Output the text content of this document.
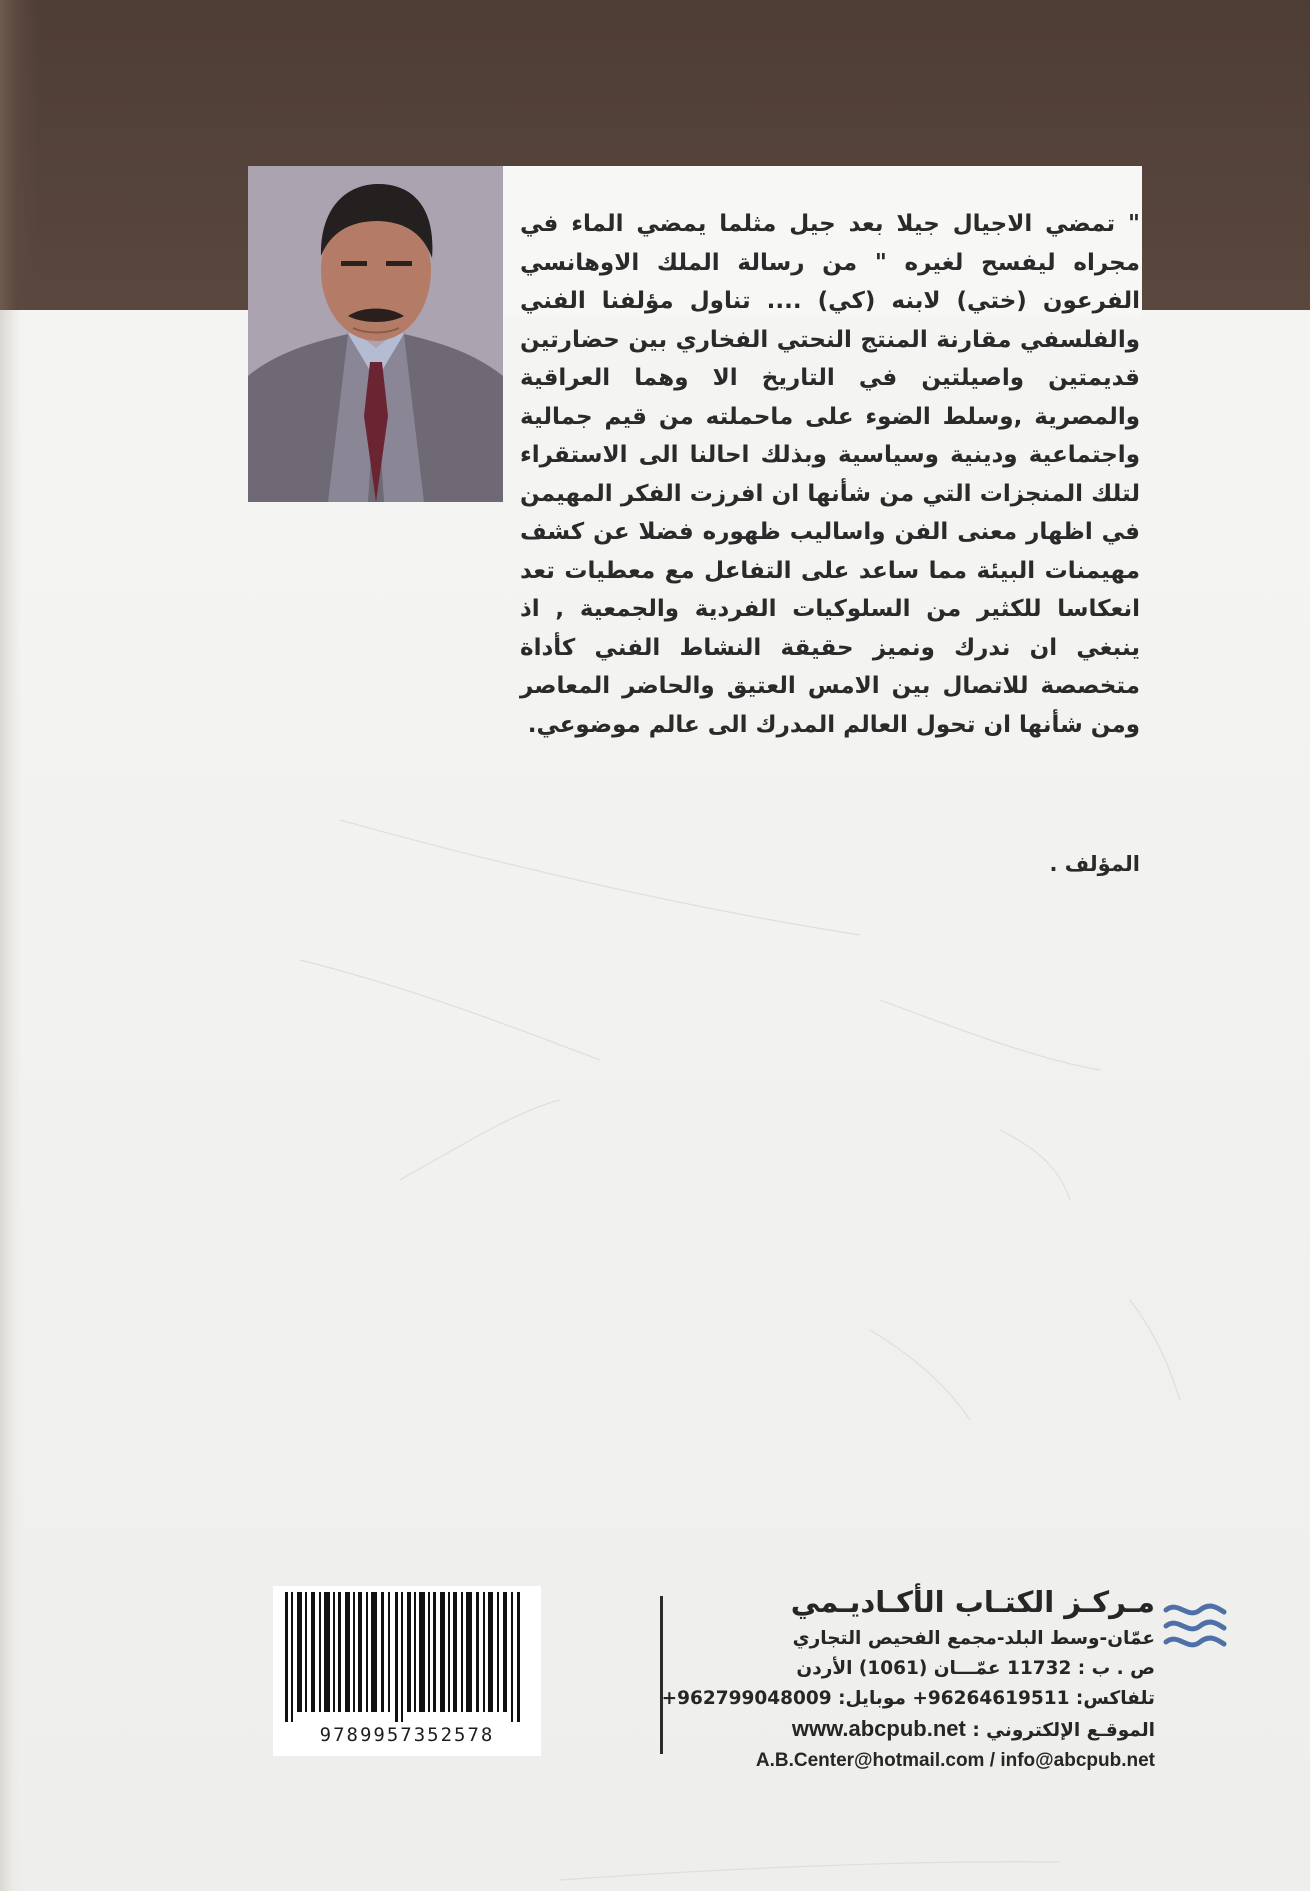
" تمضي الاجيال جيلا بعد جيل مثلما يمضي الماء في مجراه ليفسح لغيره " من رسالة الملك الاوهانسي الفرعون (ختي) لابنه (كي) .... تناول مؤلفنا الفني والفلسفي مقارنة المنتج النحتي الفخاري بين حضارتين قديمتين واصيلتين في التاريخ الا وهما العراقية والمصرية ,وسلط الضوء على ماحملته من قيم جمالية واجتماعية ودينية وسياسية وبذلك احالنا الى الاستقراء لتلك المنجزات التي من شأنها ان افرزت الفكر المهيمن في اظهار معنى الفن واساليب ظهوره فضلا عن كشف مهيمنات البيئة مما ساعد على التفاعل مع معطيات تعد انعكاسا للكثير من السلوكيات الفردية والجمعية , اذ ينبغي ان ندرك ونميز حقيقة النشاط الفني كأداة متخصصة للاتصال بين الامس العتيق والحاضر المعاصر ومن شأنها ان تحول العالم المدرك الى عالم موضوعي.
المؤلف .
9789957352578

مـركـز الكتـاب الأكـاديـمي

عمّان-وسط البلد-مجمع الفحيص التجاري

ص . ب : 11732 عمّـــان (1061) الأردن

تلفاكس: +96264619511 موبايل: +962799048009

الموقـع الإلكتروني : www.abcpub.net

A.B.Center@hotmail.com / info@abcpub.net
